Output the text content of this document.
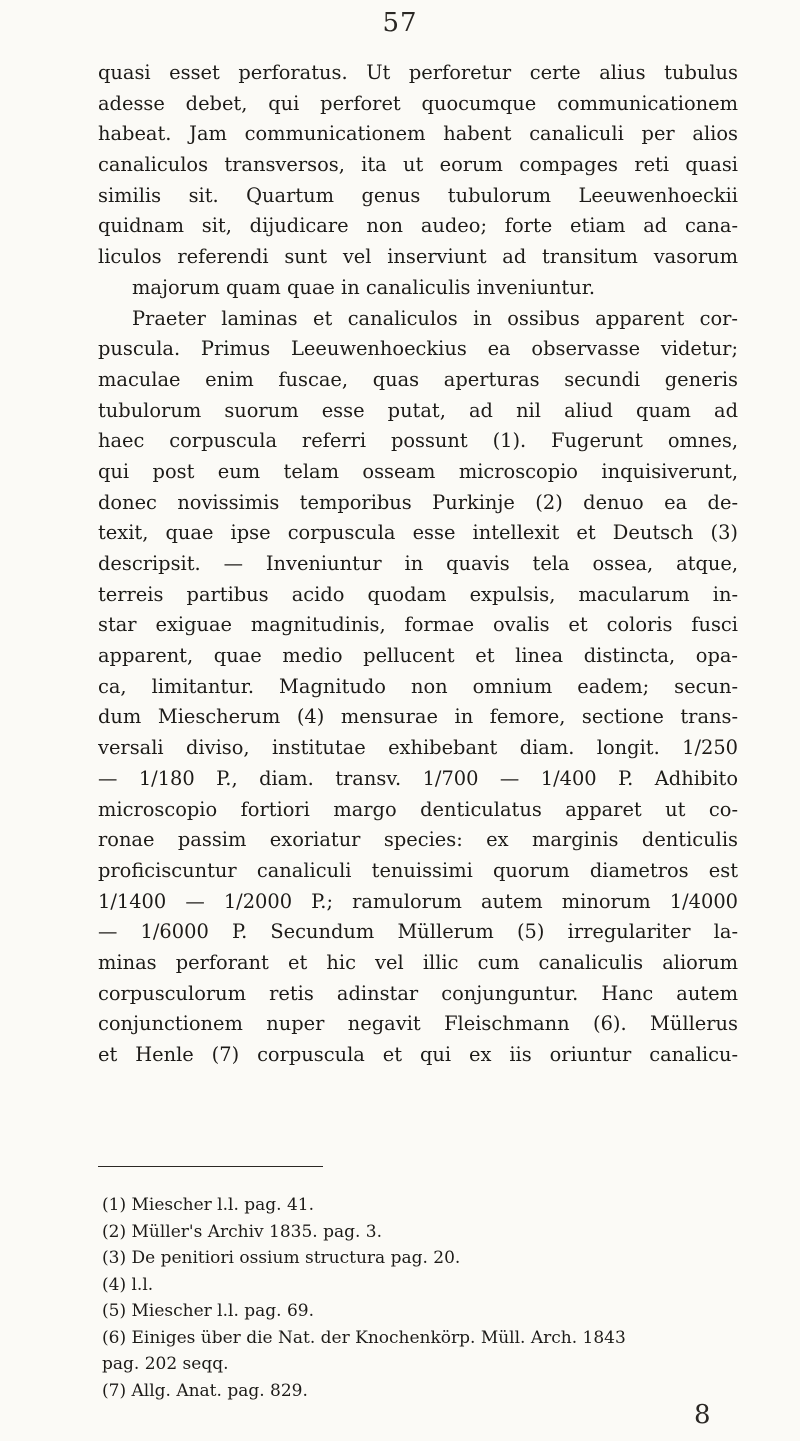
57
quasi esset perforatus. Ut perforetur certe alius tubulus
adesse debet, qui perforet quocumque communicationem
habeat. Jam communicationem habent canaliculi per alios
canaliculos transversos, ita ut eorum compages reti quasi
similis sit. Quartum genus tubulorum Leeuwenhoeckii
quidnam sit, dijudicare non audeo; forte etiam ad cana-
liculos referendi sunt vel inserviunt ad transitum vasorum
majorum quam quae in canaliculis inveniuntur.
Praeter laminas et canaliculos in ossibus apparent cor-
puscula. Primus Leeuwenhoeckius ea observasse videtur;
maculae enim fuscae, quas aperturas secundi generis
tubulorum suorum esse putat, ad nil aliud quam ad
haec corpuscula referri possunt (1). Fugerunt omnes,
qui post eum telam osseam microscopio inquisiverunt,
donec novissimis temporibus Purkinje (2) denuo ea de-
texit, quae ipse corpuscula esse intellexit et Deutsch (3)
descripsit. — Inveniuntur in quavis tela ossea, atque,
terreis partibus acido quodam expulsis, macularum in-
star exiguae magnitudinis, formae ovalis et coloris fusci
apparent, quae medio pellucent et linea distincta, opa-
ca, limitantur. Magnitudo non omnium eadem; secun-
dum Miescherum (4) mensurae in femore, sectione trans-
versali diviso, institutae exhibebant diam. longit. 1/250
— 1/180 P., diam. transv. 1/700 — 1/400 P. Adhibito
microscopio fortiori margo denticulatus apparet ut co-
ronae passim exoriatur species: ex marginis denticulis
proficiscuntur canaliculi tenuissimi quorum diametros est
1/1400 — 1/2000 P.; ramulorum autem minorum 1/4000
— 1/6000 P. Secundum Müllerum (5) irregulariter la-
minas perforant et hic vel illic cum canaliculis aliorum
corpusculorum retis adinstar conjunguntur. Hanc autem
conjunctionem nuper negavit Fleischmann (6). Müllerus
et Henle (7) corpuscula et qui ex iis oriuntur canalicu-
(1) Miescher l.l. pag. 41.
(2) Müller's Archiv 1835. pag. 3.
(3) De penitiori ossium structura pag. 20.
(4) l.l.
(5) Miescher l.l. pag. 69.
(6) Einiges über die Nat. der Knochenkörp. Müll. Arch. 1843
pag. 202 seqq.
(7) Allg. Anat. pag. 829.
8
